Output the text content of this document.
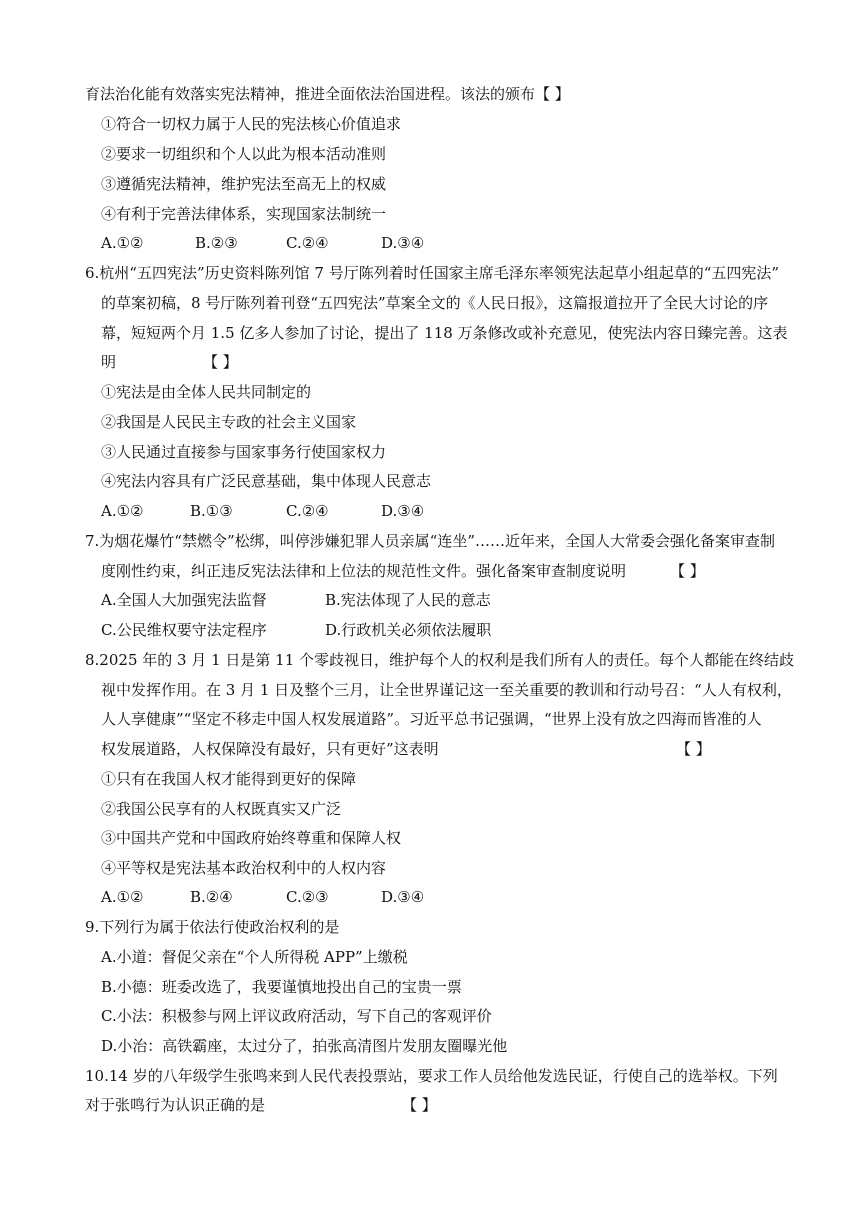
育法治化能有效落实宪法精神，推进全面依法治国进程。该法的颁布【 】
①符合一切权力属于人民的宪法核心价值追求
②要求一切组织和个人以此为根本活动准则
③遵循宪法精神，维护宪法至高无上的权威
④有利于完善法律体系，实现国家法制统一
A.①②	B.②③	C.②④	D.③④
6.杭州“五四宪法”历史资料陈列馆 7 号厅陈列着时任国家主席毛泽东率领宪法起草小组起草的“五四宪法”
的草案初稿，8 号厅陈列着刊登“五四宪法”草案全文的《人民日报》，这篇报道拉开了全民大讨论的序
幕，短短两个月 1.5 亿多人参加了讨论，提出了 118 万条修改或补充意见，使宪法内容日臻完善。这表
明	【 】
①宪法是由全体人民共同制定的
②我国是人民民主专政的社会主义国家
③人民通过直接参与国家事务行使国家权力
④宪法内容具有广泛民意基础，集中体现人民意志
A.①②	B.①③	C.②④	D.③④
7.为烟花爆竹“禁燃令”松绑，叫停涉嫌犯罪人员亲属“连坐”……近年来，全国人大常委会强化备案审查制
度刚性约束，纠正违反宪法法律和上位法的规范性文件。强化备案审查制度说明	【 】
A.全国人大加强宪法监督	B.宪法体现了人民的意志
C.公民维权要守法定程序	D.行政机关必须依法履职
8.2025 年的 3 月 1 日是第 11 个零歧视日，维护每个人的权利是我们所有人的责任。每个人都能在终结歧
视中发挥作用。在 3 月 1 日及整个三月，让全世界谨记这一至关重要的教训和行动号召：“人人有权利，
人人享健康”“坚定不移走中国人权发展道路”。习近平总书记强调，“世界上没有放之四海而皆准的人
权发展道路，人权保障没有最好，只有更好”这表明	【 】
①只有在我国人权才能得到更好的保障
②我国公民享有的人权既真实又广泛
③中国共产党和中国政府始终尊重和保障人权
④平等权是宪法基本政治权利中的人权内容
A.①②	B.②④	C.②③	D.③④
9.下列行为属于依法行使政治权利的是
A.小道：督促父亲在“个人所得税 APP”上缴税
B.小德：班委改选了，我要谨慎地投出自己的宝贵一票
C.小法：积极参与网上评议政府活动，写下自己的客观评价
D.小治：高铁霸座，太过分了，拍张高清图片发朋友圈曝光他
10.14 岁的八年级学生张鸣来到人民代表投票站，要求工作人员给他发选民证，行使自己的选举权。下列
对于张鸣行为认识正确的是	【 】
